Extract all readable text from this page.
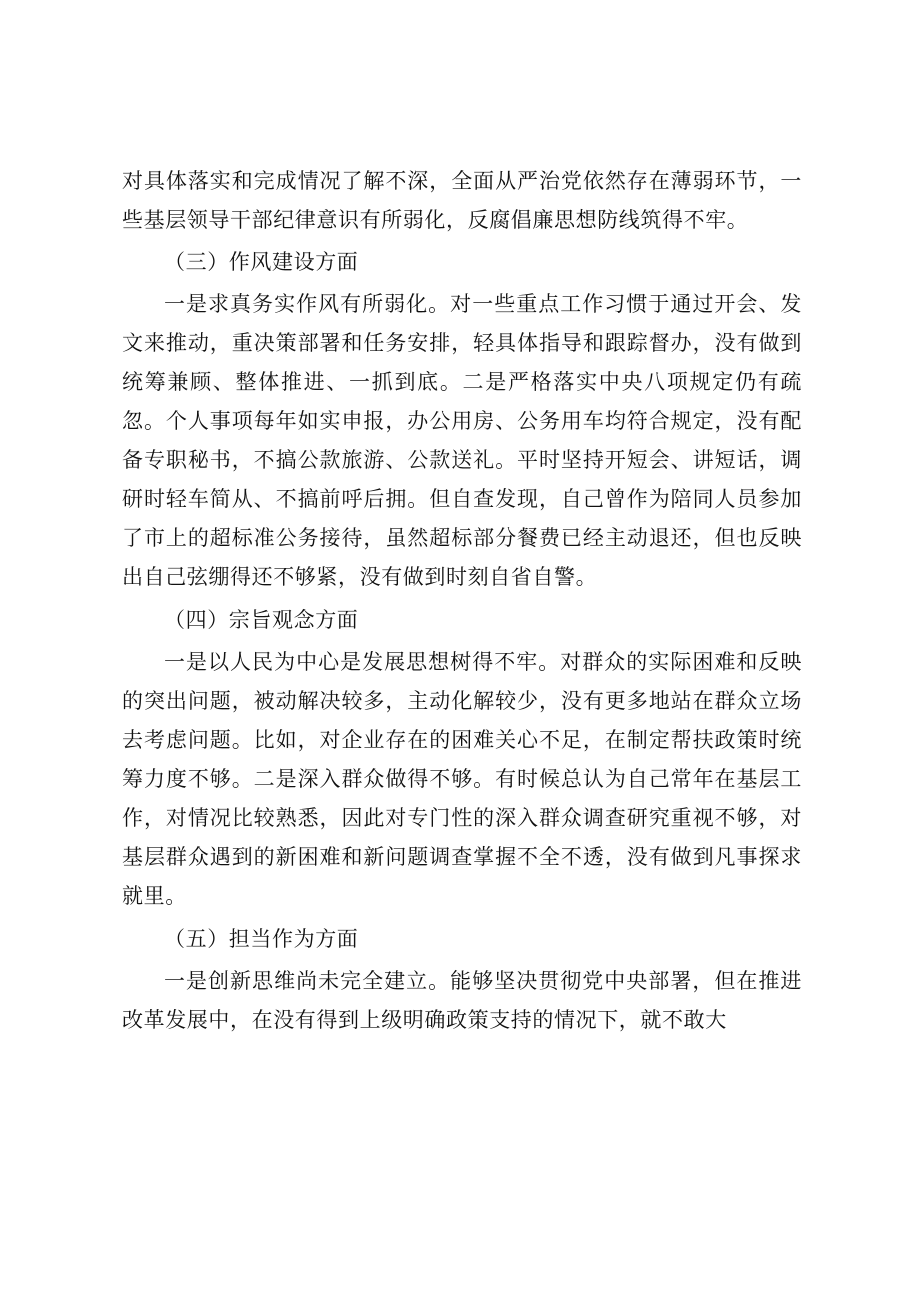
对具体落实和完成情况了解不深，全面从严治党依然存在薄弱环节，一些基层领导干部纪律意识有所弱化，反腐倡廉思想防线筑得不牢。

（三）作风建设方面

一是求真务实作风有所弱化。对一些重点工作习惯于通过开会、发文来推动，重决策部署和任务安排，轻具体指导和跟踪督办，没有做到统筹兼顾、整体推进、一抓到底。二是严格落实中央八项规定仍有疏忽。个人事项每年如实申报，办公用房、公务用车均符合规定，没有配备专职秘书，不搞公款旅游、公款送礼。平时坚持开短会、讲短话，调研时轻车简从、不搞前呼后拥。但自查发现，自己曾作为陪同人员参加了市上的超标准公务接待，虽然超标部分餐费已经主动退还，但也反映出自己弦绷得还不够紧，没有做到时刻自省自警。

（四）宗旨观念方面

一是以人民为中心是发展思想树得不牢。对群众的实际困难和反映的突出问题，被动解决较多，主动化解较少，没有更多地站在群众立场去考虑问题。比如，对企业存在的困难关心不足，在制定帮扶政策时统筹力度不够。二是深入群众做得不够。有时候总认为自己常年在基层工作，对情况比较熟悉，因此对专门性的深入群众调查研究重视不够，对基层群众遇到的新困难和新问题调查掌握不全不透，没有做到凡事探求就里。

（五）担当作为方面

一是创新思维尚未完全建立。能够坚决贯彻党中央部署，但在推进改革发展中，在没有得到上级明确政策支持的情况下，就不敢大
